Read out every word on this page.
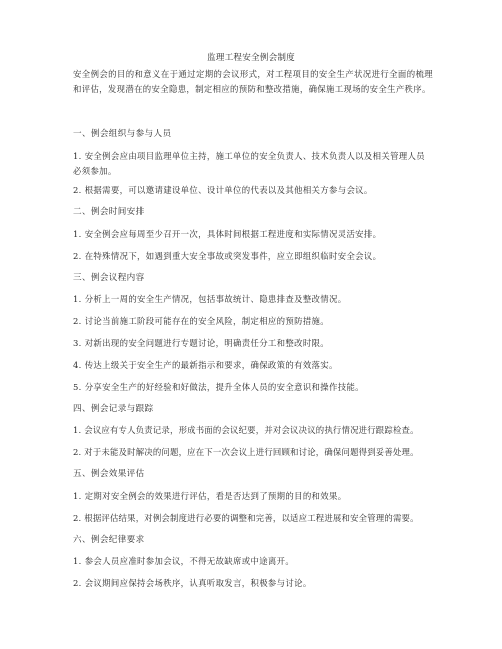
监理工程安全例会制度
安全例会的目的和意义在于通过定期的会议形式，对工程项目的安全生产状况进行全面的梳理和评估，发现潜在的安全隐患，制定相应的预防和整改措施，确保施工现场的安全生产秩序。
一、例会组织与参与人员
1. 安全例会应由项目监理单位主持，施工单位的安全负责人、技术负责人以及相关管理人员必须参加。
2. 根据需要，可以邀请建设单位、设计单位的代表以及其他相关方参与会议。
二、例会时间安排
1. 安全例会应每周至少召开一次，具体时间根据工程进度和实际情况灵活安排。
2. 在特殊情况下，如遇到重大安全事故或突发事件，应立即组织临时安全会议。
三、例会议程内容
1. 分析上一周的安全生产情况，包括事故统计、隐患排查及整改情况。
2. 讨论当前施工阶段可能存在的安全风险，制定相应的预防措施。
3. 对新出现的安全问题进行专题讨论，明确责任分工和整改时限。
4. 传达上级关于安全生产的最新指示和要求，确保政策的有效落实。
5. 分享安全生产的好经验和好做法，提升全体人员的安全意识和操作技能。
四、例会记录与跟踪
1. 会议应有专人负责记录，形成书面的会议纪要，并对会议决议的执行情况进行跟踪检查。
2. 对于未能及时解决的问题，应在下一次会议上进行回顾和讨论，确保问题得到妥善处理。
五、例会效果评估
1. 定期对安全例会的效果进行评估，看是否达到了预期的目的和效果。
2. 根据评估结果，对例会制度进行必要的调整和完善，以适应工程进展和安全管理的需要。
六、例会纪律要求
1. 参会人员应准时参加会议，不得无故缺席或中途离开。
2. 会议期间应保持会场秩序，认真听取发言，积极参与讨论。
